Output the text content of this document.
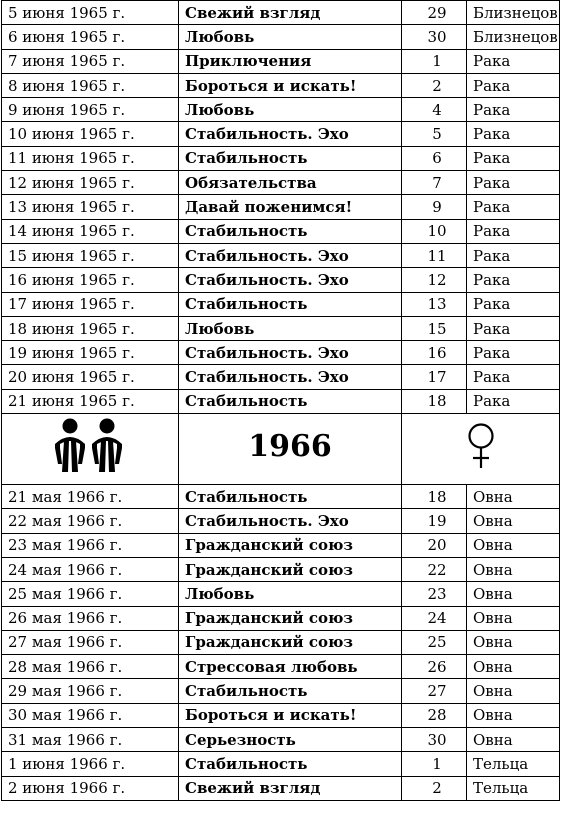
5 июня 1965 г.	Свежий взгляд	29	Близнецов
6 июня 1965 г.	Любовь	30	Близнецов
7 июня 1965 г.	Приключения	1	Рака
8 июня 1965 г.	Бороться и искать!	2	Рака
9 июня 1965 г.	Любовь	4	Рака
10 июня 1965 г.	Стабильность. Эхо	5	Рака
11 июня 1965 г.	Стабильность	6	Рака
12 июня 1965 г.	Обязательства	7	Рака
13 июня 1965 г.	Давай поженимся!	9	Рака
14 июня 1965 г.	Стабильность	10	Рака
15 июня 1965 г.	Стабильность. Эхо	11	Рака
16 июня 1965 г.	Стабильность. Эхо	12	Рака
17 июня 1965 г.	Стабильность	13	Рака
18 июня 1965 г.	Любовь	15	Рака
19 июня 1965 г.	Стабильность. Эхо	16	Рака
20 июня 1965 г.	Стабильность. Эхо	17	Рака
21 июня 1965 г.	Стабильность	18	Рака
	1966	
21 мая 1966 г.	Стабильность	18	Овна
22 мая 1966 г.	Стабильность. Эхо	19	Овна
23 мая 1966 г.	Гражданский союз	20	Овна
24 мая 1966 г.	Гражданский союз	22	Овна
25 мая 1966 г.	Любовь	23	Овна
26 мая 1966 г.	Гражданский союз	24	Овна
27 мая 1966 г.	Гражданский союз	25	Овна
28 мая 1966 г.	Стрессовая любовь	26	Овна
29 мая 1966 г.	Стабильность	27	Овна
30 мая 1966 г.	Бороться и искать!	28	Овна
31 мая 1966 г.	Серьезность	30	Овна
1 июня 1966 г.	Стабильность	1	Тельца
2 июня 1966 г.	Свежий взгляд	2	Тельца
